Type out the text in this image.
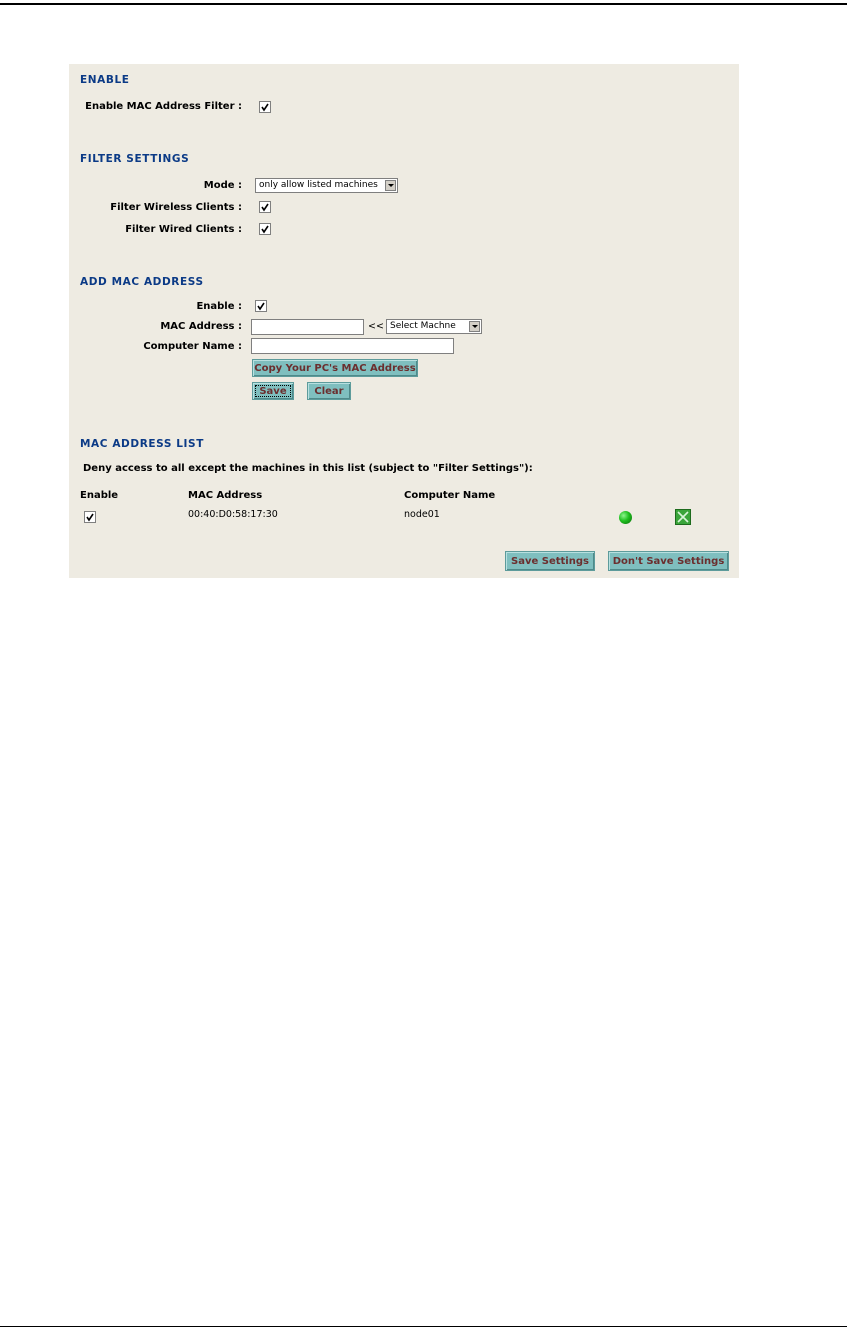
ENABLE
Enable MAC Address Filter :
FILTER SETTINGS
Mode :	only allow listed machines
Filter Wireless Clients :
Filter Wired Clients :
ADD MAC ADDRESS
Enable :
MAC Address :	<< Select Machne
Computer Name :
Copy Your PC's MAC Address
Save	Clear
MAC ADDRESS LIST
Deny access to all except the machines in this list (subject to "Filter Settings"):
Enable	MAC Address	Computer Name
00:40:D0:58:17:30	node01
Save Settings	Don't Save Settings
